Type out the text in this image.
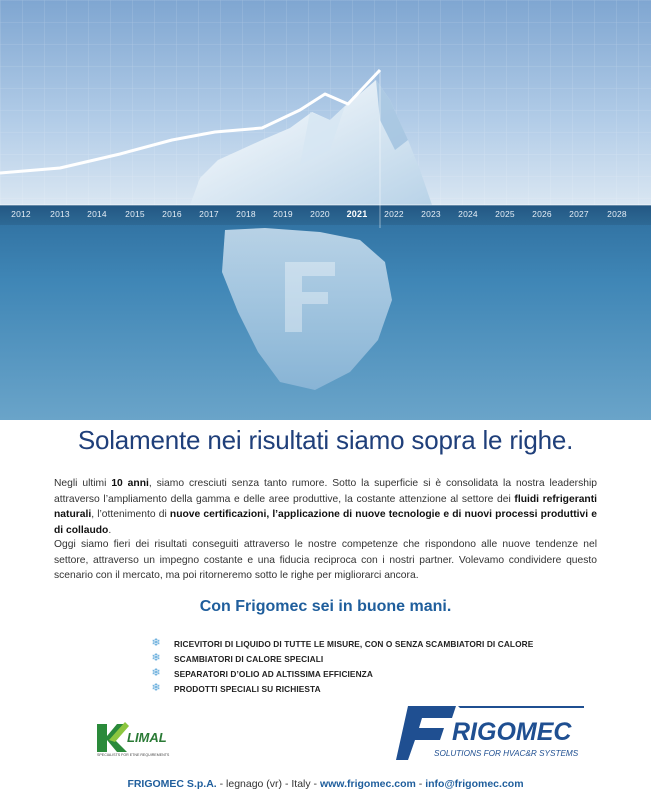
2012 2013 2014 2015 2016 2017 2018 2019 2020 2021 2022 2023 2024 2025 2026 2027 2028
Solamente nei risultati siamo sopra le righe.

Negli ultimi 10 anni, siamo cresciuti senza tanto rumore. Sotto la superficie si è consolidata la nostra leadership attraverso l’ampliamento della gamma e delle aree produttive, la costante attenzione al settore dei fluidi refrigeranti naturali, l’ottenimento di nuove certificazioni, l’applicazione di nuove tecnologie e di nuovi processi produttivi e di collaudo.

Oggi siamo fieri dei risultati conseguiti attraverso le nostre competenze che rispondono alle nuove tendenze nel settore, attraverso un impegno costante e una fiducia reciproca con i nostri partner. Volevamo condividere questo scenario con il mercato, ma poi ritorneremo sotto le righe per migliorarci ancora.

Con Frigomec sei in buone mani.
❄ RICEVITORI DI LIQUIDO DI TUTTE LE MISURE, CON O SENZA SCAMBIATORI DI CALORE
❄ SCAMBIATORI DI CALORE SPECIALI
❄ SEPARATORI D’OLIO AD ALTISSIMA EFFICIENZA
❄ PRODOTTI SPECIALI SU RICHIESTA
LIMAL
SPECIALISTS FOR ETNE REQUIREMENTS
RIGOMEC
SOLUTIONS FOR HVAC&R SYSTEMS
FRIGOMEC S.p.A. - legnago (vr) - Italy - www.frigomec.com - info@frigomec.com
